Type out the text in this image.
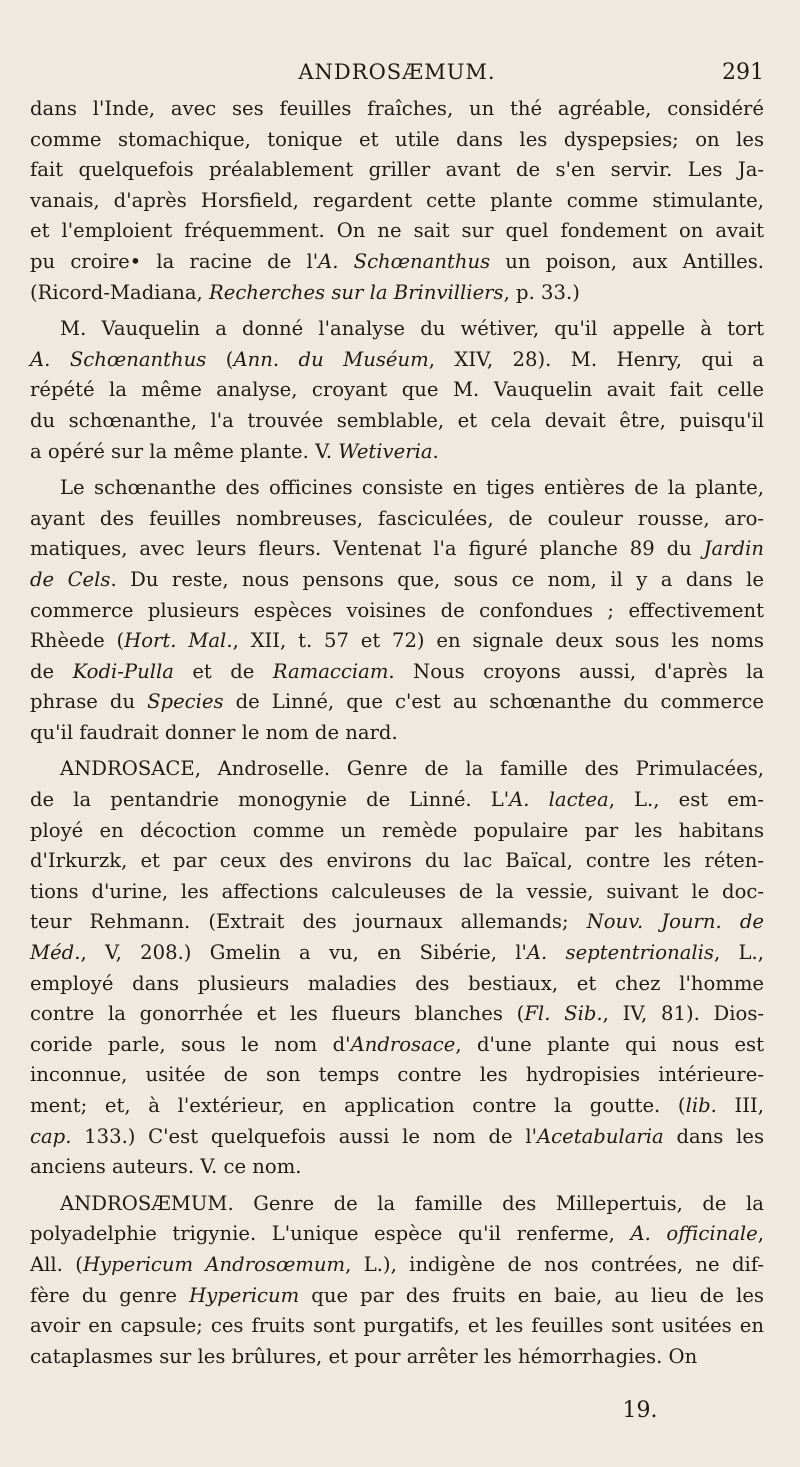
ANDROSÆMUM.	291
dans l'Inde, avec ses feuilles fraîches, un thé agréable, considéré
comme stomachique, tonique et utile dans les dyspepsies; on les
fait quelquefois préalablement griller avant de s'en servir. Les Ja-
vanais, d'après Horsfield, regardent cette plante comme stimulante,
et l'emploient fréquemment. On ne sait sur quel fondement on avait
pu croire• la racine de l'A. Schœnanthus un poison, aux Antilles.
(Ricord-Madiana, Recherches sur la Brinvilliers, p. 33.)
M. Vauquelin a donné l'analyse du wétiver, qu'il appelle à tort
A. Schœnanthus (Ann. du Muséum, XIV, 28). M. Henry, qui a
répété la même analyse, croyant que M. Vauquelin avait fait celle
du schœnanthe, l'a trouvée semblable, et cela devait être, puisqu'il
a opéré sur la même plante. V. Wetiveria.
Le schœnanthe des officines consiste en tiges entières de la plante,
ayant des feuilles nombreuses, fasciculées, de couleur rousse, aro-
matiques, avec leurs fleurs. Ventenat l'a figuré planche 89 du Jardin
de Cels. Du reste, nous pensons que, sous ce nom, il y a dans le
commerce plusieurs espèces voisines de confondues ; effectivement
Rhèede (Hort. Mal., XII, t. 57 et 72) en signale deux sous les noms
de Kodi-Pulla et de Ramacciam. Nous croyons aussi, d'après la
phrase du Species de Linné, que c'est au schœnanthe du commerce
qu'il faudrait donner le nom de nard.
ANDROSACE, Androselle. Genre de la famille des Primulacées,
de la pentandrie monogynie de Linné. L'A. lactea, L., est em-
ployé en décoction comme un remède populaire par les habitans
d'Irkurzk, et par ceux des environs du lac Baïcal, contre les réten-
tions d'urine, les affections calculeuses de la vessie, suivant le doc-
teur Rehmann. (Extrait des journaux allemands; Nouv. Journ. de
Méd., V, 208.) Gmelin a vu, en Sibérie, l'A. septentrionalis, L.,
employé dans plusieurs maladies des bestiaux, et chez l'homme
contre la gonorrhée et les flueurs blanches (Fl. Sib., IV, 81). Dios-
coride parle, sous le nom d'Androsace, d'une plante qui nous est
inconnue, usitée de son temps contre les hydropisies intérieure-
ment; et, à l'extérieur, en application contre la goutte. (lib. III,
cap. 133.) C'est quelquefois aussi le nom de l'Acetabularia dans les
anciens auteurs. V. ce nom.
ANDROSÆMUM. Genre de la famille des Millepertuis, de la
polyadelphie trigynie. L'unique espèce qu'il renferme, A. officinale,
All. (Hypericum Androsœmum, L.), indigène de nos contrées, ne dif-
fère du genre Hypericum que par des fruits en baie, au lieu de les
avoir en capsule; ces fruits sont purgatifs, et les feuilles sont usitées en
cataplasmes sur les brûlures, et pour arrêter les hémorrhagies. On
19.
